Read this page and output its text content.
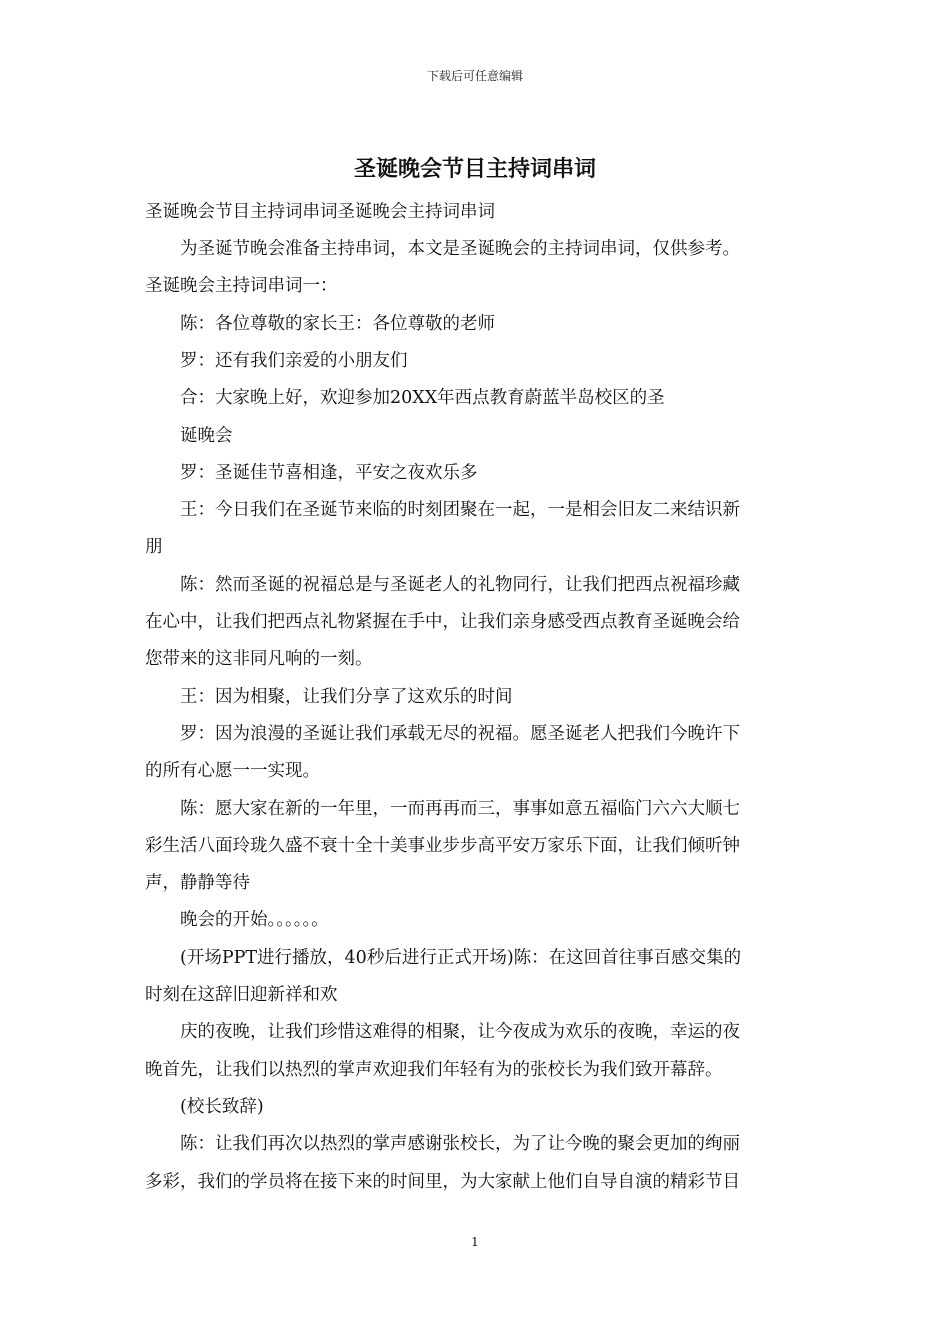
下载后可任意编辑
圣诞晚会节目主持词串词
圣诞晚会节目主持词串词圣诞晚会主持词串词
为圣诞节晚会准备主持串词，本文是圣诞晚会的主持词串词，仅供参考。
圣诞晚会主持词串词一：
陈：各位尊敬的家长王：各位尊敬的老师
罗：还有我们亲爱的小朋友们
合：大家晚上好，欢迎参加20XX年西点教育蔚蓝半岛校区的圣
诞晚会
罗：圣诞佳节喜相逢，平安之夜欢乐多
王：今日我们在圣诞节来临的时刻团聚在一起，一是相会旧友二来结识新
朋
陈：然而圣诞的祝福总是与圣诞老人的礼物同行，让我们把西点祝福珍藏
在心中，让我们把西点礼物紧握在手中，让我们亲身感受西点教育圣诞晚会给
您带来的这非同凡响的一刻。
王：因为相聚，让我们分享了这欢乐的时间
罗：因为浪漫的圣诞让我们承载无尽的祝福。愿圣诞老人把我们今晚许下
的所有心愿一一实现。
陈：愿大家在新的一年里，一而再再而三，事事如意五福临门六六大顺七
彩生活八面玲珑久盛不衰十全十美事业步步高平安万家乐下面，让我们倾听钟
声，静静等待
晚会的开始。。。。。。
(开场PPT进行播放，40秒后进行正式开场)陈：在这回首往事百感交集的
时刻在这辞旧迎新祥和欢
庆的夜晚，让我们珍惜这难得的相聚，让今夜成为欢乐的夜晚，幸运的夜
晚首先，让我们以热烈的掌声欢迎我们年轻有为的张校长为我们致开幕辞。
(校长致辞)
陈：让我们再次以热烈的掌声感谢张校长，为了让今晚的聚会更加的绚丽
多彩，我们的学员将在接下来的时间里，为大家献上他们自导自演的精彩节目
1
